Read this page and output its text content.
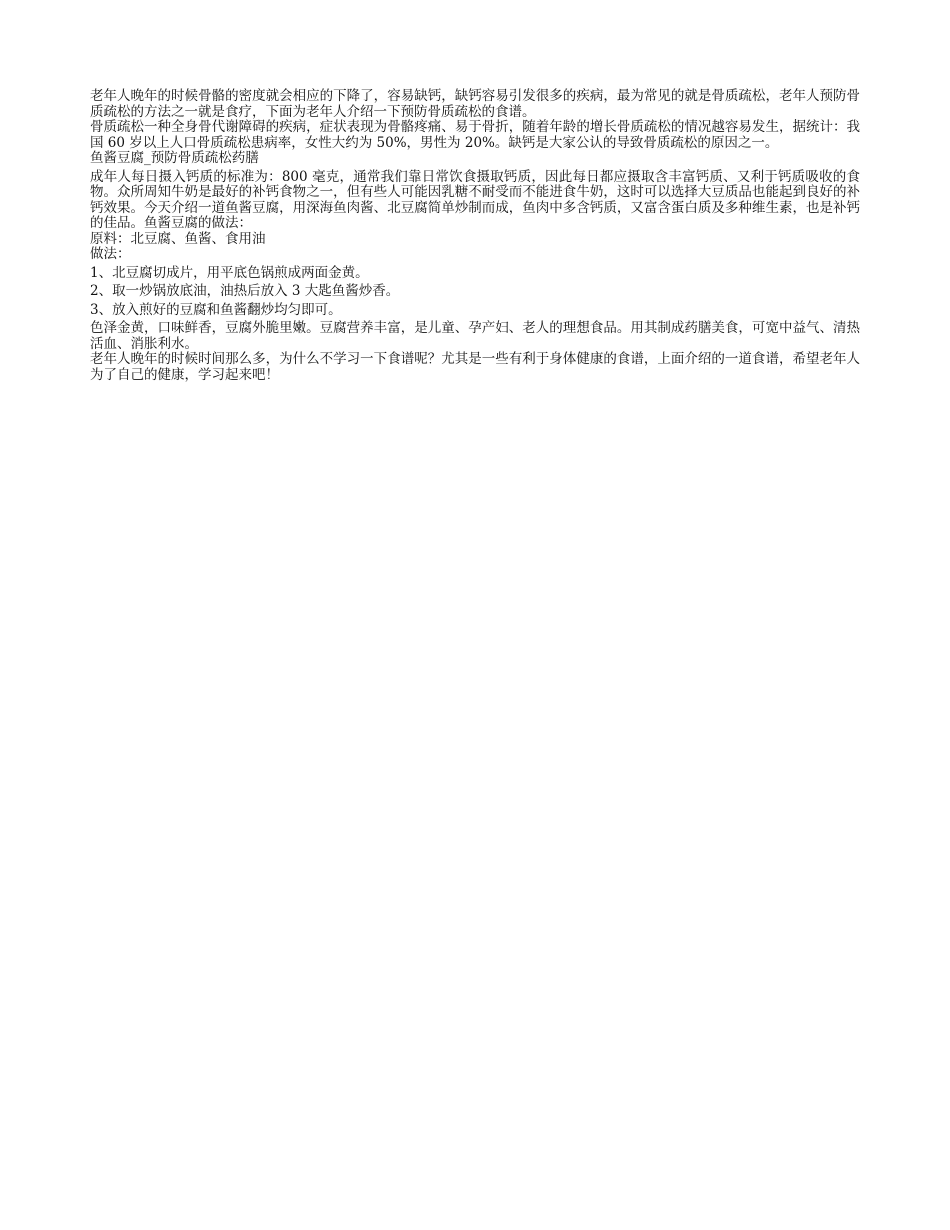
老年人晚年的时候骨骼的密度就会相应的下降了，容易缺钙，缺钙容易引发很多的疾病，最为常见的就是骨质疏松，老年人预防骨质疏松的方法之一就是食疗，下面为老年人介绍一下预防骨质疏松的食谱。

骨质疏松一种全身骨代谢障碍的疾病，症状表现为骨骼疼痛、易于骨折，随着年龄的增长骨质疏松的情况越容易发生，据统计：我国 60 岁以上人口骨质疏松患病率，女性大约为 50%，男性为 20%。缺钙是大家公认的导致骨质疏松的原因之一。

鱼酱豆腐_预防骨质疏松药膳

成年人每日摄入钙质的标准为：800 毫克，通常我们靠日常饮食摄取钙质，因此每日都应摄取含丰富钙质、又利于钙质吸收的食物。众所周知牛奶是最好的补钙食物之一，但有些人可能因乳糖不耐受而不能进食牛奶，这时可以选择大豆质品也能起到良好的补钙效果。今天介绍一道鱼酱豆腐，用深海鱼肉酱、北豆腐简单炒制而成，鱼肉中多含钙质，又富含蛋白质及多种维生素，也是补钙的佳品。鱼酱豆腐的做法：

原料：北豆腐、鱼酱、食用油

做法：

1、北豆腐切成片，用平底色锅煎成两面金黄。

2、取一炒锅放底油，油热后放入 3 大匙鱼酱炒香。

3、放入煎好的豆腐和鱼酱翻炒均匀即可。

色泽金黄，口味鲜香，豆腐外脆里嫩。豆腐营养丰富，是儿童、孕产妇、老人的理想食品。用其制成药膳美食，可宽中益气、清热活血、消胀利水。

老年人晚年的时候时间那么多，为什么不学习一下食谱呢？尤其是一些有利于身体健康的食谱，上面介绍的一道食谱，希望老年人为了自己的健康，学习起来吧！
